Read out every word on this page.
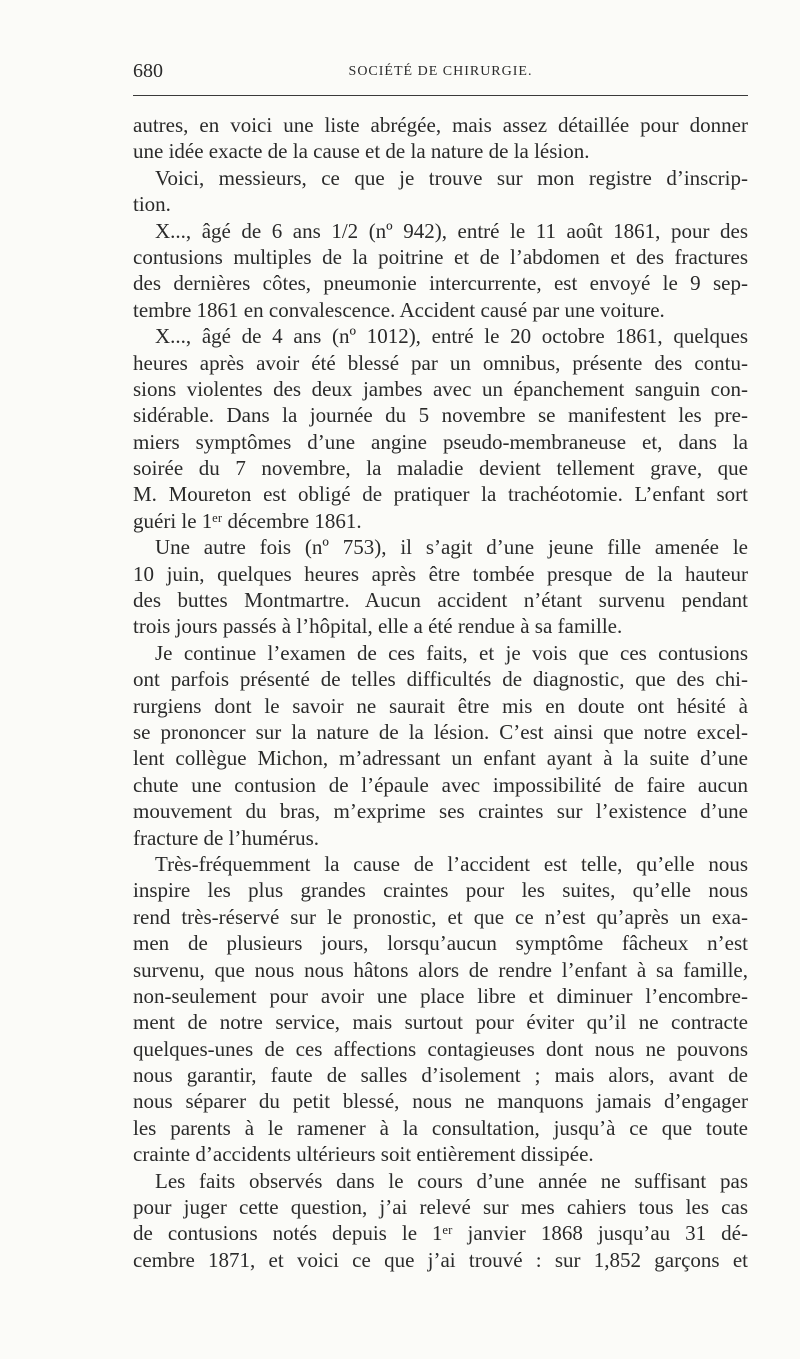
680	SOCIÉTÉ DE CHIRURGIE.
autres, en voici une liste abrégée, mais assez détaillée pour donner
une idée exacte de la cause et de la nature de la lésion.
Voici, messieurs, ce que je trouve sur mon registre d’inscrip-
tion.
X..., âgé de 6 ans 1/2 (nº 942), entré le 11 août 1861, pour des
contusions multiples de la poitrine et de l’abdomen et des fractures
des dernières côtes, pneumonie intercurrente, est envoyé le 9 sep-
tembre 1861 en convalescence. Accident causé par une voiture.
X..., âgé de 4 ans (nº 1012), entré le 20 octobre 1861, quelques
heures après avoir été blessé par un omnibus, présente des contu-
sions violentes des deux jambes avec un épanchement sanguin con-
sidérable. Dans la journée du 5 novembre se manifestent les pre-
miers symptômes d’une angine pseudo-membraneuse et, dans la
soirée du 7 novembre, la maladie devient tellement grave, que
M. Moureton est obligé de pratiquer la trachéotomie. L’enfant sort
guéri le 1ᵉʳ décembre 1861.
Une autre fois (nº 753), il s’agit d’une jeune fille amenée le
10 juin, quelques heures après être tombée presque de la hauteur
des buttes Montmartre. Aucun accident n’étant survenu pendant
trois jours passés à l’hôpital, elle a été rendue à sa famille.
Je continue l’examen de ces faits, et je vois que ces contusions
ont parfois présenté de telles difficultés de diagnostic, que des chi-
rurgiens dont le savoir ne saurait être mis en doute ont hésité à
se prononcer sur la nature de la lésion. C’est ainsi que notre excel-
lent collègue Michon, m’adressant un enfant ayant à la suite d’une
chute une contusion de l’épaule avec impossibilité de faire aucun
mouvement du bras, m’exprime ses craintes sur l’existence d’une
fracture de l’humérus.
Très-fréquemment la cause de l’accident est telle, qu’elle nous
inspire les plus grandes craintes pour les suites, qu’elle nous
rend très-réservé sur le pronostic, et que ce n’est qu’après un exa-
men de plusieurs jours, lorsqu’aucun symptôme fâcheux n’est
survenu, que nous nous hâtons alors de rendre l’enfant à sa famille,
non-seulement pour avoir une place libre et diminuer l’encombre-
ment de notre service, mais surtout pour éviter qu’il ne contracte
quelques-unes de ces affections contagieuses dont nous ne pouvons
nous garantir, faute de salles d’isolement ; mais alors, avant de
nous séparer du petit blessé, nous ne manquons jamais d’engager
les parents à le ramener à la consultation, jusqu’à ce que toute
crainte d’accidents ultérieurs soit entièrement dissipée.
Les faits observés dans le cours d’une année ne suffisant pas
pour juger cette question, j’ai relevé sur mes cahiers tous les cas
de contusions notés depuis le 1ᵉʳ janvier 1868 jusqu’au 31 dé-
cembre 1871, et voici ce que j’ai trouvé : sur 1,852 garçons et
